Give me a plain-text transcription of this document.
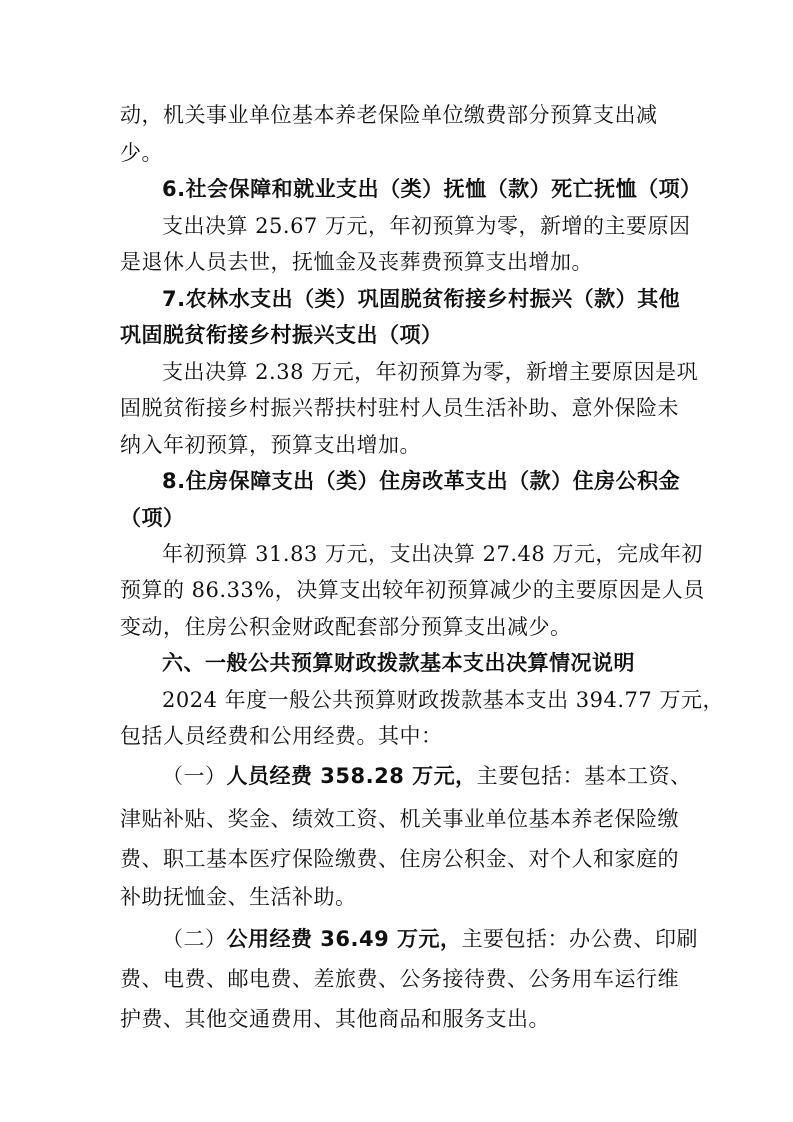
动，机关事业单位基本养老保险单位缴费部分预算支出减
少。
6.社会保障和就业支出（类）抚恤（款）死亡抚恤（项）
支出决算 25.67 万元，年初预算为零，新增的主要原因
是退休人员去世，抚恤金及丧葬费预算支出增加。
7.农林水支出（类）巩固脱贫衔接乡村振兴（款）其他
巩固脱贫衔接乡村振兴支出（项）
支出决算 2.38 万元，年初预算为零，新增主要原因是巩
固脱贫衔接乡村振兴帮扶村驻村人员生活补助、意外保险未
纳入年初预算，预算支出增加。
8.住房保障支出（类）住房改革支出（款）住房公积金
（项）
年初预算 31.83 万元，支出决算 27.48 万元，完成年初
预算的 86.33%，决算支出较年初预算减少的主要原因是人员
变动，住房公积金财政配套部分预算支出减少。
六、一般公共预算财政拨款基本支出决算情况说明
2024 年度一般公共预算财政拨款基本支出 394.77 万元，
包括人员经费和公用经费。其中：
（一）人员经费 358.28 万元，主要包括：基本工资、
津贴补贴、奖金、绩效工资、机关事业单位基本养老保险缴
费、职工基本医疗保险缴费、住房公积金、对个人和家庭的
补助抚恤金、生活补助。
（二）公用经费 36.49 万元，主要包括：办公费、印刷
费、电费、邮电费、差旅费、公务接待费、公务用车运行维
护费、其他交通费用、其他商品和服务支出。
